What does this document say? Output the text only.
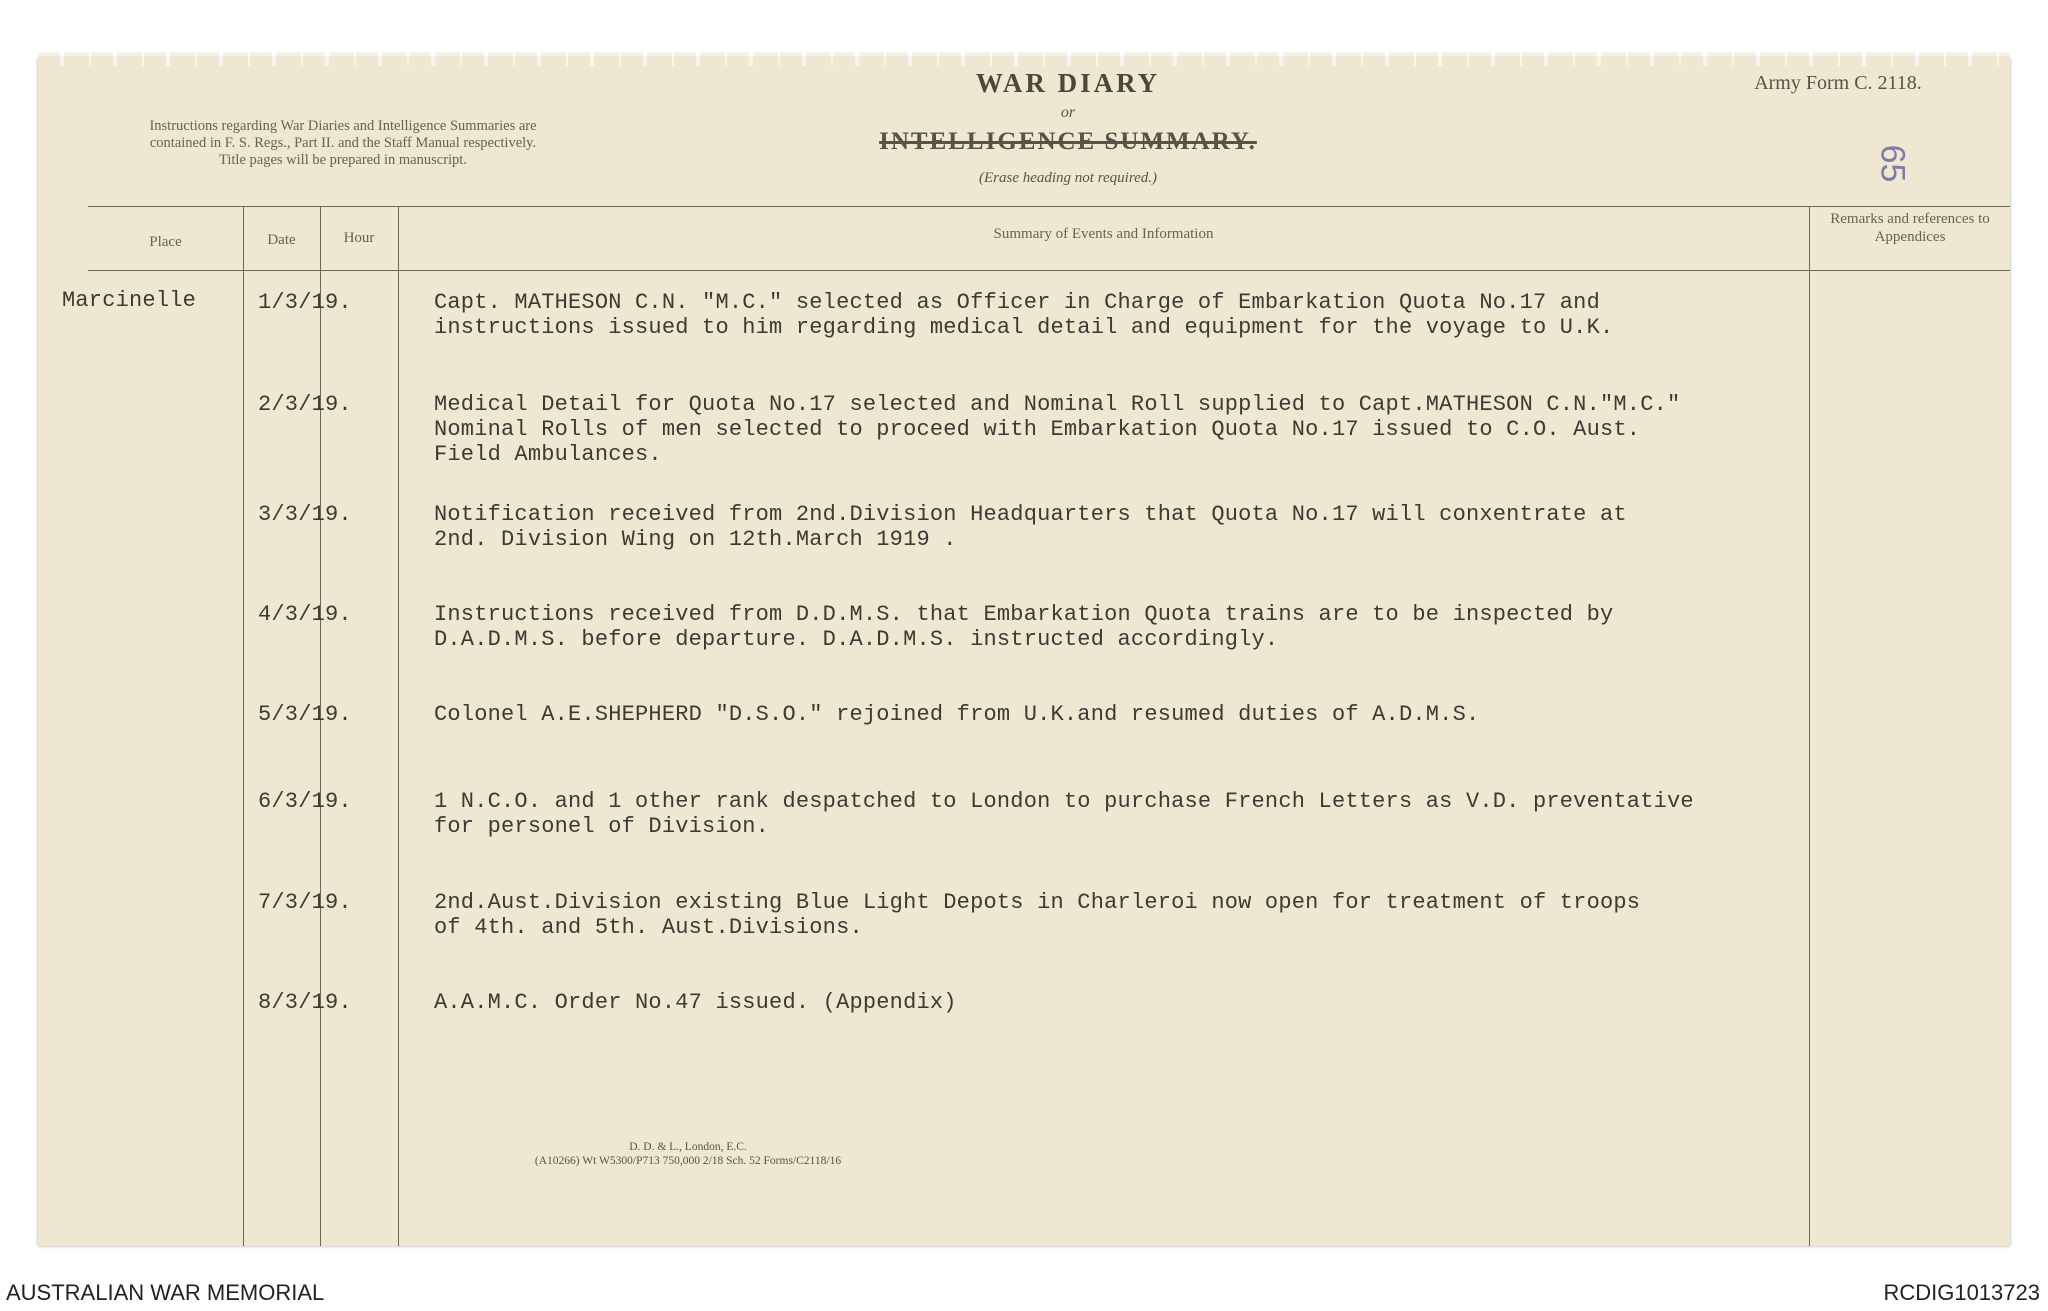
Instructions regarding War Diaries and Intelligence Summaries are contained in F. S. Regs., Part II. and the Staff Manual respectively. Title pages will be prepared in manuscript.
WAR DIARY
or
INTELLIGENCE SUMMARY.
(Erase heading not required.)
Army Form C. 2118.
65
Place	Date	Hour	Summary of Events and Information
Remarks and references to Appendices
Marcinelle	1/3/19.	Capt. MATHESON C.N. "M.C." selected as Officer in Charge of Embarkation Quota No.17 and
instructions issued to him regarding medical detail and equipment for the voyage to U.K.
2/3/19.	Medical Detail for Quota No.17 selected and Nominal Roll supplied to Capt.MATHESON C.N."M.C."
Nominal Rolls of men selected to proceed with Embarkation Quota No.17 issued to C.O. Aust.
Field Ambulances.
3/3/19.	Notification received from 2nd.Division Headquarters that Quota No.17 will conxentrate at
2nd. Division Wing on 12th.March 1919 .
4/3/19.	Instructions received from D.D.M.S. that Embarkation Quota trains are to be inspected by
D.A.D.M.S. before departure. D.A.D.M.S. instructed accordingly.
5/3/19.	Colonel A.E.SHEPHERD "D.S.O." rejoined from U.K.and resumed duties of A.D.M.S.
6/3/19.	1 N.C.O. and 1 other rank despatched to London to purchase French Letters as V.D. preventative
for personel of Division.
7/3/19.	2nd.Aust.Division existing Blue Light Depots in Charleroi now open for treatment of troops
of 4th. and 5th. Aust.Divisions.
8/3/19.	A.A.M.C. Order No.47 issued. (Appendix)
D. D. & L., London, E.C.
(A10266) Wt W5300/P713 750,000 2/18 Sch. 52 Forms/C2118/16
AUSTRALIAN WAR MEMORIAL	RCDIG1013723
